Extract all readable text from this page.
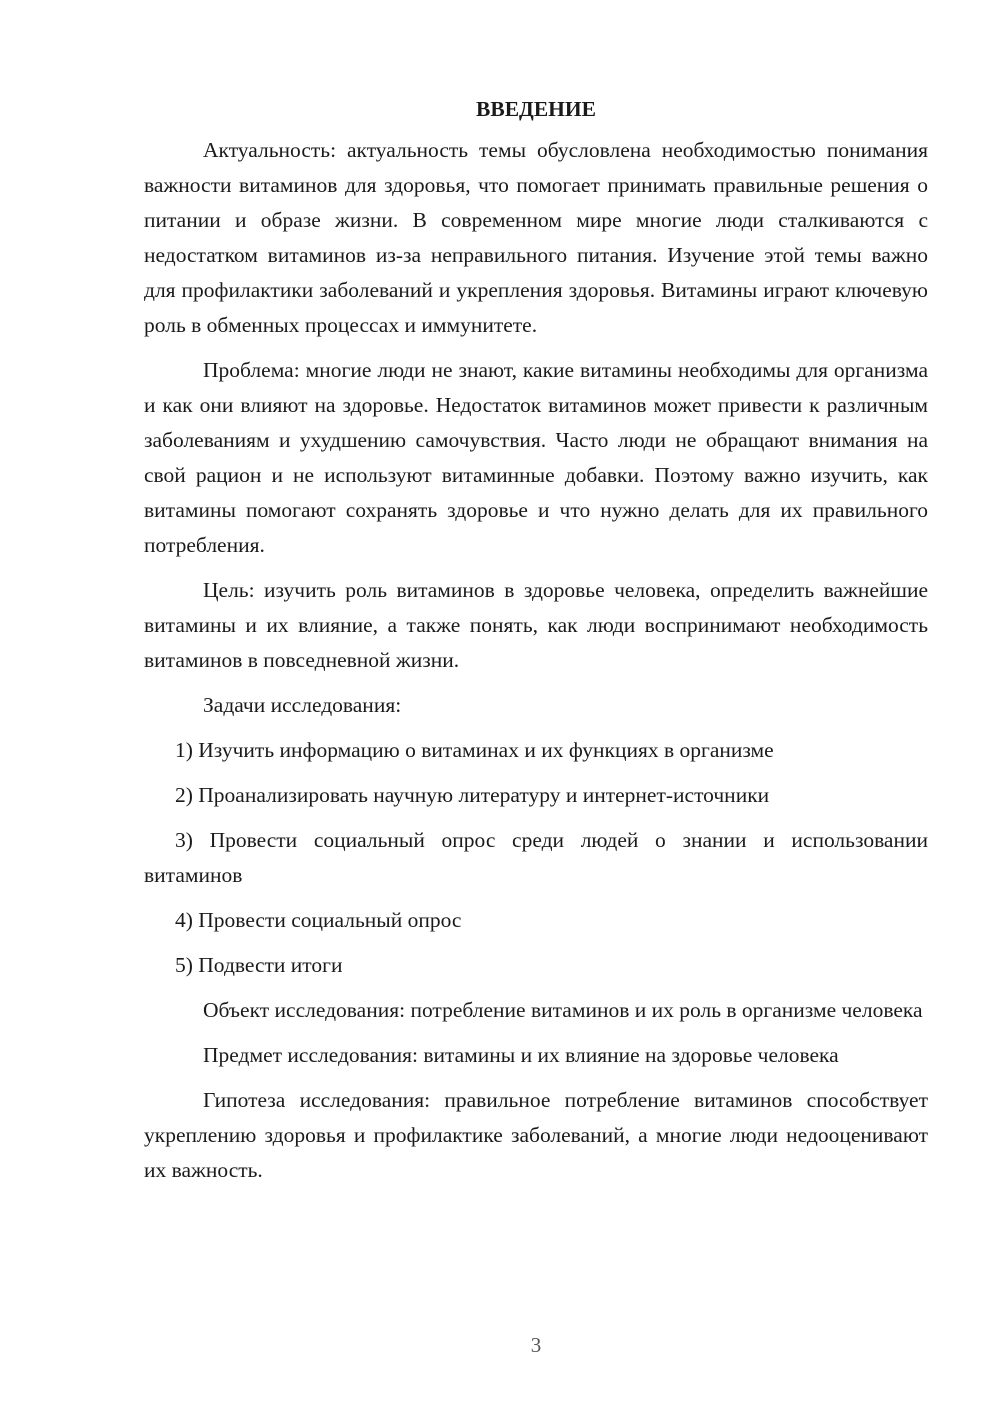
ВВЕДЕНИЕ

Актуальность: актуальность темы обусловлена необходимостью понимания важности витаминов для здоровья, что помогает принимать правильные решения о питании и образе жизни. В современном мире многие люди сталкиваются с недостатком витаминов из-за неправильного питания. Изучение этой темы важно для профилактики заболеваний и укрепления здоровья. Витамины играют ключевую роль в обменных процессах и иммунитете.

Проблема: многие люди не знают, какие витамины необходимы для организма и как они влияют на здоровье. Недостаток витаминов может привести к различным заболеваниям и ухудшению самочувствия. Часто люди не обращают внимания на свой рацион и не используют витаминные добавки. Поэтому важно изучить, как витамины помогают сохранять здоровье и что нужно делать для их правильного потребления.

Цель: изучить роль витаминов в здоровье человека, определить важнейшие витамины и их влияние, а также понять, как люди воспринимают необходимость витаминов в повседневной жизни.

Задачи исследования:

1) Изучить информацию о витаминах и их функциях в организме

2) Проанализировать научную литературу и интернет-источники

3) Провести социальный опрос среди людей о знании и использовании витаминов

4) Провести социальный опрос

5) Подвести итоги

Объект исследования: потребление витаминов и их роль в организме человека

Предмет исследования: витамины и их влияние на здоровье человека

Гипотеза исследования: правильное потребление витаминов способствует укреплению здоровья и профилактике заболеваний, а многие люди недооценивают их важность.

3
